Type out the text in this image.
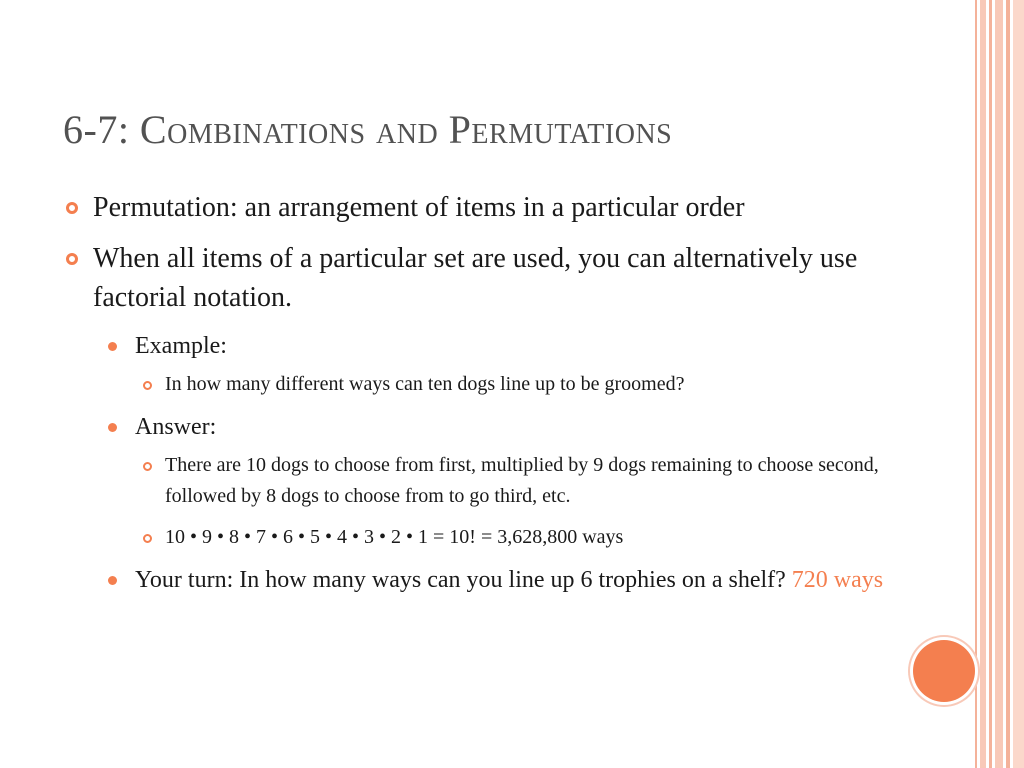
6-7: Combinations and Permutations
Permutation: an arrangement of items in a particular order
When all items of a particular set are used, you can alternatively use factorial notation.
Example:
In how many different ways can ten dogs line up to be groomed?
Answer:
There are 10 dogs to choose from first, multiplied by 9 dogs remaining to choose second, followed by 8 dogs to choose from to go third, etc.
10 • 9 • 8 • 7 • 6 • 5 • 4 • 3 • 2 • 1 = 10! = 3,628,800 ways
Your turn: In how many ways can you line up 6 trophies on a shelf? 720 ways
